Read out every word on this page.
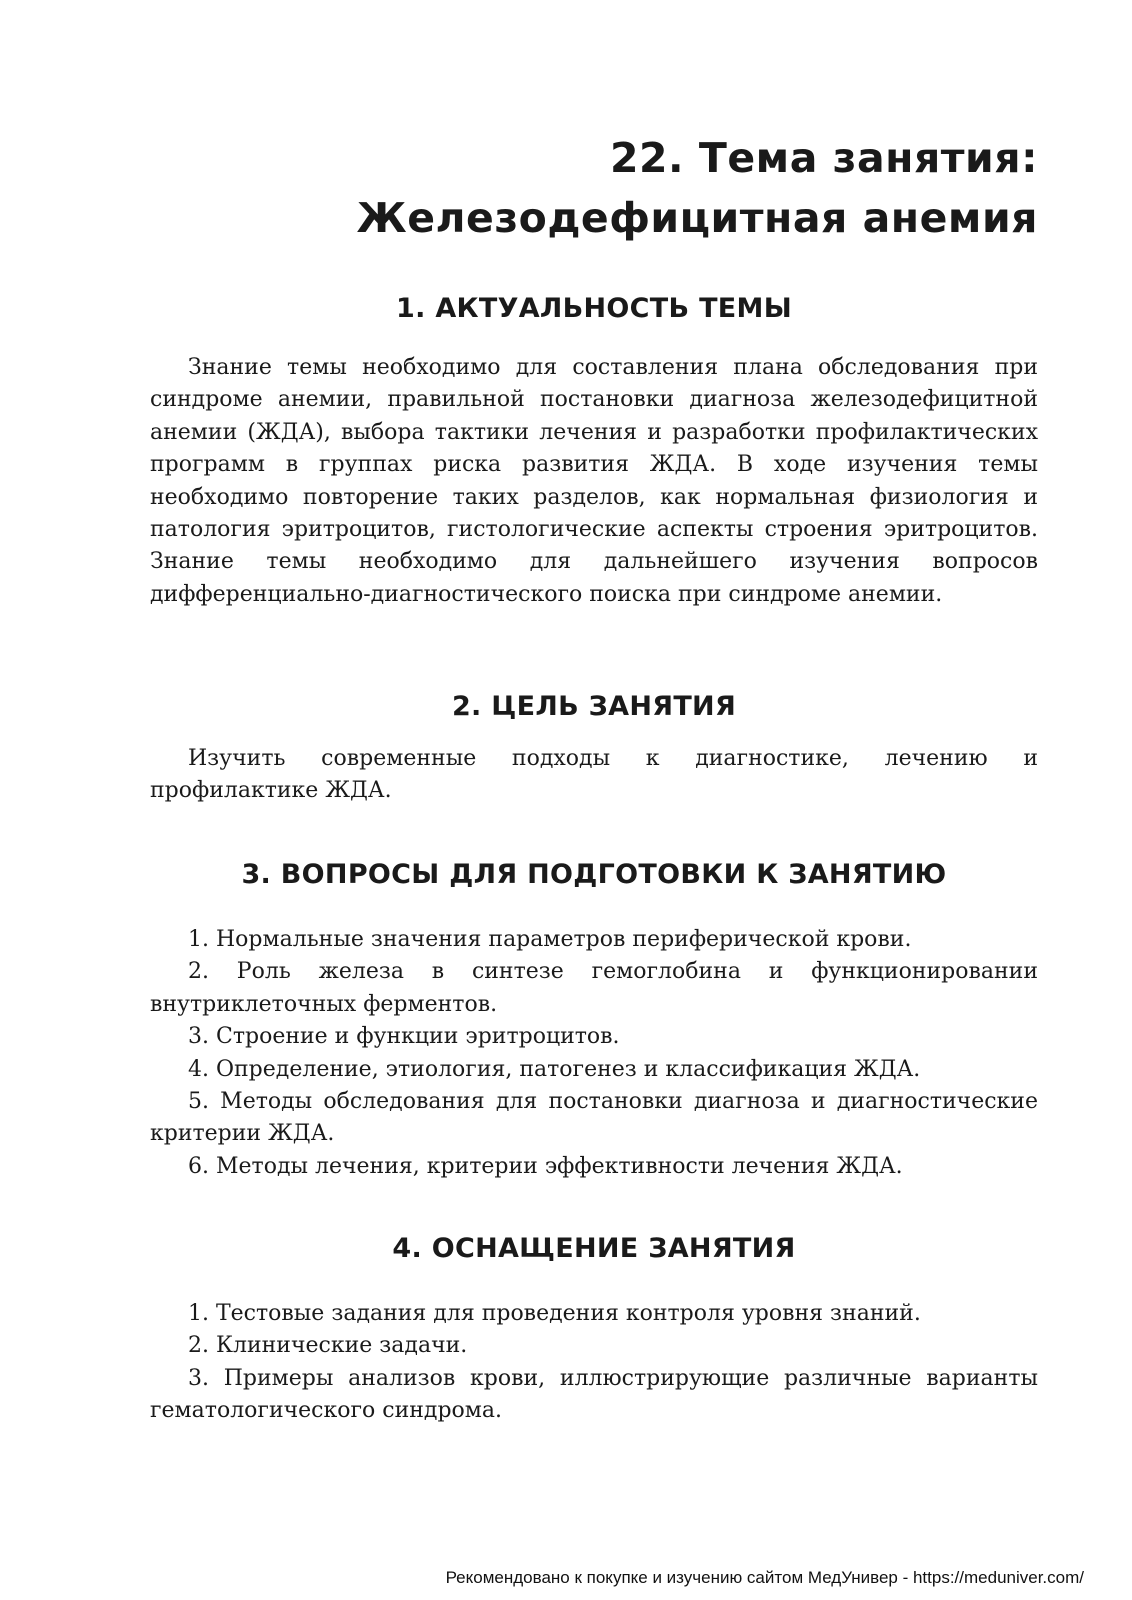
22. Тема занятия:
Железодефицитная анемия
1. АКТУАЛЬНОСТЬ ТЕМЫ

Знание темы необходимо для составления плана обследования при синдроме анемии, правильной постановки диагноза железодефицитной анемии (ЖДА), выбора тактики лечения и разработки профилактических программ в группах риска развития ЖДА. В ходе изучения темы необходимо повторение таких разделов, как нормальная физиология и патология эритроцитов, гистологические аспекты строения эритроцитов. Знание темы необходимо для дальнейшего изучения вопросов дифференциально-диагностического поиска при синдроме анемии.

2. ЦЕЛЬ ЗАНЯТИЯ

Изучить современные подходы к диагностике, лечению и профилактике ЖДА.

3. ВОПРОСЫ ДЛЯ ПОДГОТОВКИ К ЗАНЯТИЮ
1. Нормальные значения параметров периферической крови.
2. Роль железа в синтезе гемоглобина и функционировании внутриклеточных ферментов.
3. Строение и функции эритроцитов.
4. Определение, этиология, патогенез и классификация ЖДА.
5. Методы обследования для постановки диагноза и диагностические критерии ЖДА.
6. Методы лечения, критерии эффективности лечения ЖДА.
4. ОСНАЩЕНИЕ ЗАНЯТИЯ
1. Тестовые задания для проведения контроля уровня знаний.
2. Клинические задачи.
3. Примеры анализов крови, иллюстрирующие различные варианты гематологического синдрома.
Рекомендовано к покупке и изучению сайтом МедУнивер - https://meduniver.com/
